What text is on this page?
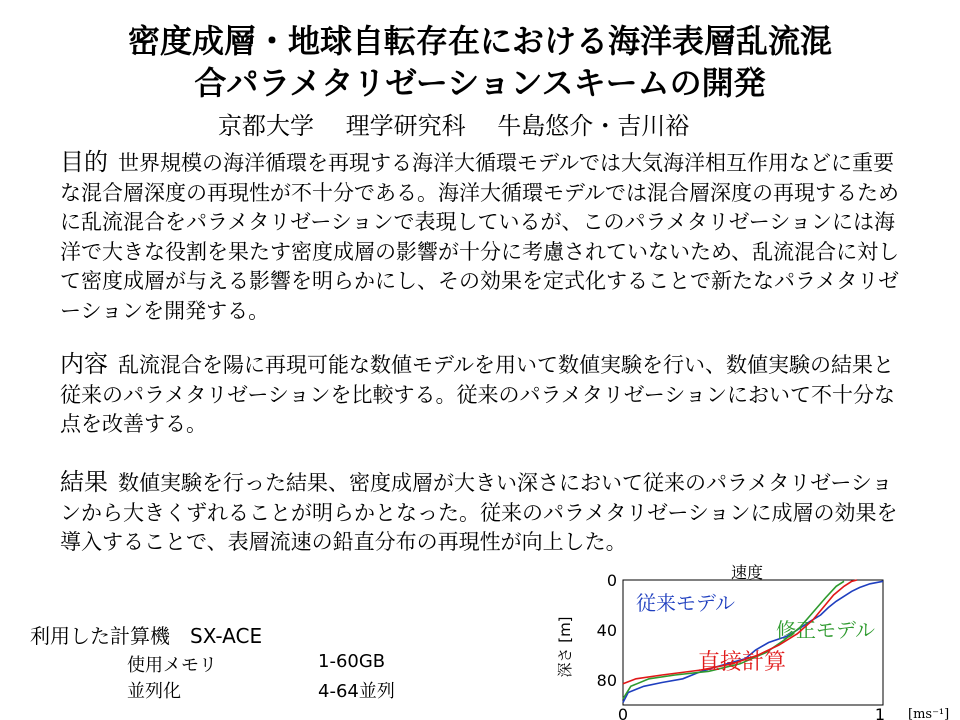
密度成層・地球自転存在における海洋表層乱流混
合パラメタリゼーションスキームの開発
京都大学　 理学研究科　 牛島悠介・吉川裕
目的 世界規模の海洋循環を再現する海洋大循環モデルでは大気海洋相互作用などに重要な混合層深度の再現性が不十分である。海洋大循環モデルでは混合層深度の再現するために乱流混合をパラメタリゼーションで表現しているが、このパラメタリゼーションには海洋で大きな役割を果たす密度成層の影響が十分に考慮されていないため、乱流混合に対して密度成層が与える影響を明らかにし、その効果を定式化することで新たなパラメタリゼーションを開発する。
内容 乱流混合を陽に再現可能な数値モデルを用いて数値実験を行い、数値実験の結果と従来のパラメタリゼーションを比較する。従来のパラメタリゼーションにおいて不十分な点を改善する。
結果 数値実験を行った結果、密度成層が大きい深さにおいて従来のパラメタリゼーションから大きくずれることが明らかとなった。従来のパラメタリゼーションに成層の効果を導入することで、表層流速の鉛直分布の再現性が向上した。
利用した計算機　SX-ACE
使用メモリ	1-60GB
並列化	4-64並列
従来モデル
修正モデル
直接計算
0
40
80
0	1
速度
[ms⁻¹]
深さ [m]
